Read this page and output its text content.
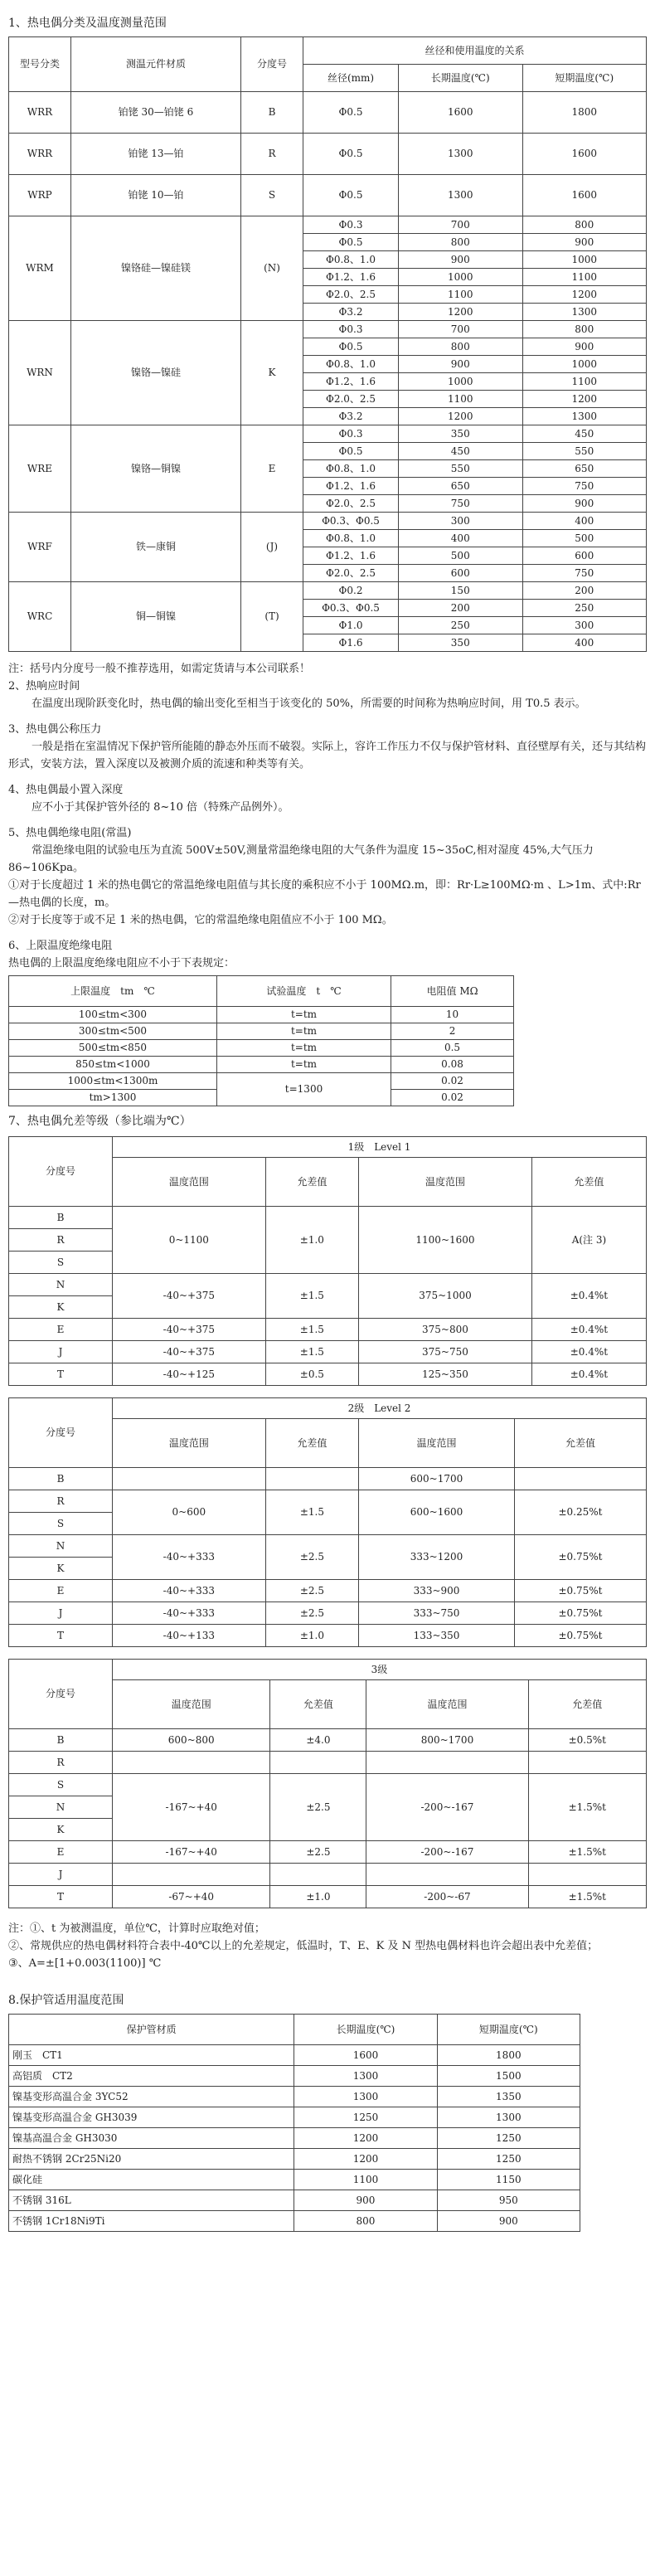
1、热电偶分类及温度测量范围
型号分类	测温元件材质	分度号	丝径和使用温度的关系		
			丝径(mm)	长期温度(℃)	短期温度(℃)
WRR	铂铑 30—铂铑 6	B	Φ0.5	1600	1800
WRR	铂铑 13—铂	R	Φ0.5	1300	1600
WRP	铂铑 10—铂	S	Φ0.5	1300	1600
WRM	镍铬硅—镍硅镁	(N)	Φ0.3	700	800
			Φ0.5	800	900
			Φ0.8、1.0	900	1000
			Φ1.2、1.6	1000	1100
			Φ2.0、2.5	1100	1200
			Φ3.2	1200	1300
WRN	镍铬—镍硅	K	Φ0.3	700	800
			Φ0.5	800	900
			Φ0.8、1.0	900	1000
			Φ1.2、1.6	1000	1100
			Φ2.0、2.5	1100	1200
			Φ3.2	1200	1300
WRE	镍铬—铜镍	E	Φ0.3	350	450
			Φ0.5	450	550
			Φ0.8、1.0	550	650
			Φ1.2、1.6	650	750
			Φ2.0、2.5	750	900
WRF	铁—康铜	(J)	Φ0.3、Φ0.5	300	400
			Φ0.8、1.0	400	500
			Φ1.2、1.6	500	600
			Φ2.0、2.5	600	750
WRC	铜—铜镍	(T)	Φ0.2	150	200
			Φ0.3、Φ0.5	200	250
			Φ1.0	250	300
			Φ1.6	350	400

注：括号内分度号一般不推荐选用，如需定货请与本公司联系！

2、热响应时间

在温度出现阶跃变化时，热电偶的输出变化至相当于该变化的 50%，所需要的时间称为热响应时间，用 T0.5 表示。

3、热电偶公称压力

一般是指在室温情况下保护管所能随的静态外压而不破裂。实际上，容许工作压力不仅与保护管材料、直径壁厚有关，还与其结构形式，安装方法，置入深度以及被测介质的流速和种类等有关。

4、热电偶最小置入深度

应不小于其保护管外径的 8~10 倍（特殊产品例外）。

5、热电偶绝缘电阻(常温)

常温绝缘电阻的试验电压为直流 500V±50V,测量常温绝缘电阻的大气条件为温度 15~35oC,相对湿度 45%,大气压力 86~106Kpa。

①对于长度超过 1 米的热电偶它的常温绝缘电阻值与其长度的乘积应不小于 100MΩ.m，即：Rr·L≥100MΩ·m 、L>1m、式中:Rr—热电偶的长度，m。

②对于长度等于或不足 1 米的热电偶，它的常温绝缘电阻值应不小于 100 MΩ。

6、上限温度绝缘电阻

热电偶的上限温度绝缘电阻应不小于下表规定：

上限温度　tm　℃	试验温度　t　℃	电阻值 MΩ
100≤tm<300	t=tm	10
300≤tm<500	t=tm	2
500≤tm<850	t=tm	0.5
850≤tm<1000	t=tm	0.08
1000≤tm<1300m	t=1300	0.02
tm>1300		0.02
7、热电偶允差等级（参比端为℃）
分度号	1级　Level 1			
	温度范围	允差值	温度范围	允差值
B	0~1100	±1.0	1100~1600	A(注 3)
R				
S				
N	-40~+375	±1.5	375~1000	±0.4%t
K				
E	-40~+375	±1.5	375~800	±0.4%t
J	-40~+375	±1.5	375~750	±0.4%t
T	-40~+125	±0.5	125~350	±0.4%t
分度号	2级　Level 2			
	温度范围	允差值	温度范围	允差值
B			600~1700	
R	0~600	±1.5	600~1600	±0.25%t
S				
N	-40~+333	±2.5	333~1200	±0.75%t
K				
E	-40~+333	±2.5	333~900	±0.75%t
J	-40~+333	±2.5	333~750	±0.75%t
T	-40~+133	±1.0	133~350	±0.75%t
分度号	3级			
	温度范围	允差值	温度范围	允差值
B	600~800	±4.0	800~1700	±0.5%t
R				
S	-167~+40	±2.5	-200~-167	±1.5%t
N				
K				
E	-167~+40	±2.5	-200~-167	±1.5%t
J				
T	-67~+40	±1.0	-200~-67	±1.5%t

注：①、t 为被测温度，单位℃，计算时应取绝对值；

②、常规供应的热电偶材料符合表中-40℃以上的允差规定，低温时，T、E、K 及 N 型热电偶材料也许会超出表中允差值；

③、A=±[1+0.003(1100)] ℃

8.保护管适用温度范围
保护管材质	长期温度(℃)	短期温度(℃)
刚玉　CT1	1600	1800
高铝质　CT2	1300	1500
镍基变形高温合金 3YC52	1300	1350
镍基变形高温合金 GH3039	1250	1300
镍基高温合金 GH3030	1200	1250
耐热不锈钢 2Cr25Ni20	1200	1250
碳化硅	1100	1150
不锈钢 316L	900	950
不锈钢 1Cr18Ni9Ti	800	900
